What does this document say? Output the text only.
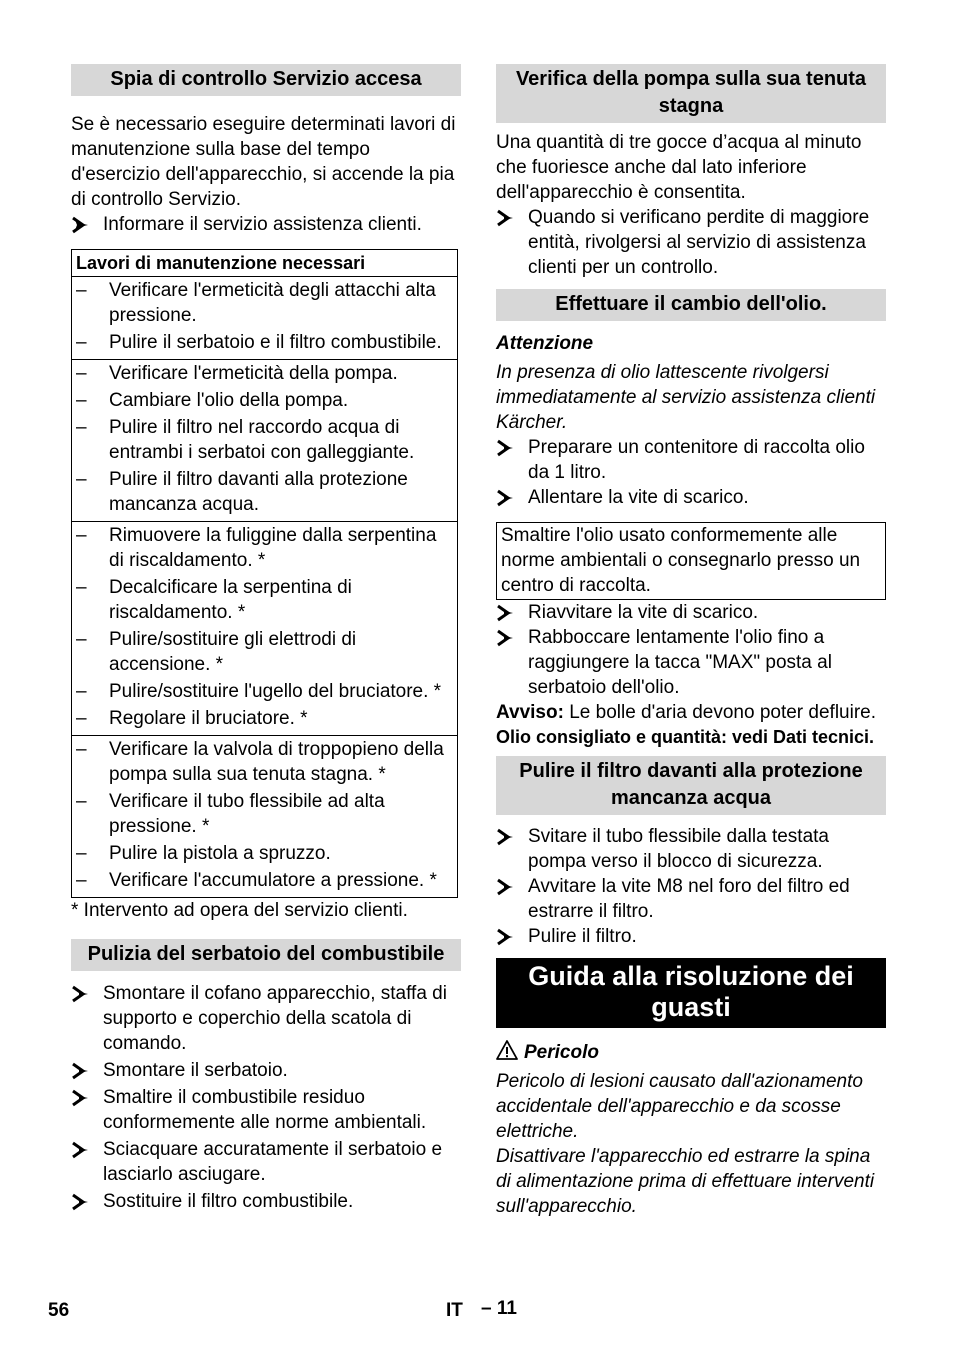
Spia di controllo Servizio accesa
Se è necessario eseguire determinati lavori di manutenzione sulla base del tempo d'esercizio dell'apparecchio, si accende la pia di controllo Servizio.
Informare il servizio assistenza clienti.
Lavori di manutenzione necessari

– Verificare l'ermeticità degli attacchi alta pressione.
– Pulire il serbatoio e il filtro combustibile.

– Verificare l'ermeticità della pompa.
– Cambiare l'olio della pompa.
– Pulire il filtro nel raccordo acqua di entrambi i serbatoi con galleggiante.
– Pulire il filtro davanti alla protezione mancanza acqua.

– Rimuovere la fuliggine dalla serpentina di riscaldamento. *
– Decalcificare la serpentina di riscaldamento. *
– Pulire/sostituire gli elettrodi di accensione. *
– Pulire/sostituire l'ugello del bruciatore. *
– Regolare il bruciatore. *

– Verificare la valvola di troppopieno della pompa sulla sua tenuta stagna. *
– Verificare il tubo flessibile ad alta pressione. *
– Pulire la pistola a spruzzo.
– Verificare l'accumulatore a pressione. *
* Intervento ad opera del servizio clienti.
Pulizia del serbatoio del combustibile
Smontare il cofano apparecchio, staffa di supporto e coperchio della scatola di comando.
Smontare il serbatoio.
Smaltire il combustibile residuo conformemente alle norme ambientali.
Sciacquare accuratamente il serbatoio e lasciarlo asciugare.
Sostituire il filtro combustibile.
Verifica della pompa sulla sua tenuta stagna
Una quantità di tre gocce d’acqua al minuto che fuoriesce anche dal lato inferiore dell'apparecchio è consentita.
Quando si verificano perdite di maggiore entità, rivolgersi al servizio di assistenza clienti per un controllo.
Effettuare il cambio dell'olio.
Attenzione
In presenza di olio lattescente rivolgersi immediatamente al servizio assistenza clienti Kärcher.
Preparare un contenitore di raccolta olio da 1 litro.
Allentare la vite di scarico.
Smaltire l'olio usato conformemente alle norme ambientali o consegnarlo presso un centro di raccolta.
Riavvitare la vite di scarico.
Rabboccare lentamente l'olio fino a raggiungere la tacca "MAX" posta al serbatoio dell'olio.
Avviso: Le bolle d'aria devono poter defluire.
Olio consigliato e quantità: vedi Dati tecnici.
Pulire il filtro davanti alla protezione mancanza acqua
Svitare il tubo flessibile dalla testata pompa verso il blocco di sicurezza.
Avvitare la vite M8 nel foro del filtro ed estrarre il filtro.
Pulire il filtro.
Guida alla risoluzione dei guasti
Pericolo
Pericolo di lesioni causato dall'azionamento accidentale dell'apparecchio e da scosse elettriche.
Disattivare l'apparecchio ed estrarre la spina di alimentazione prima di effettuare interventi sull'apparecchio.
56	IT – 11
